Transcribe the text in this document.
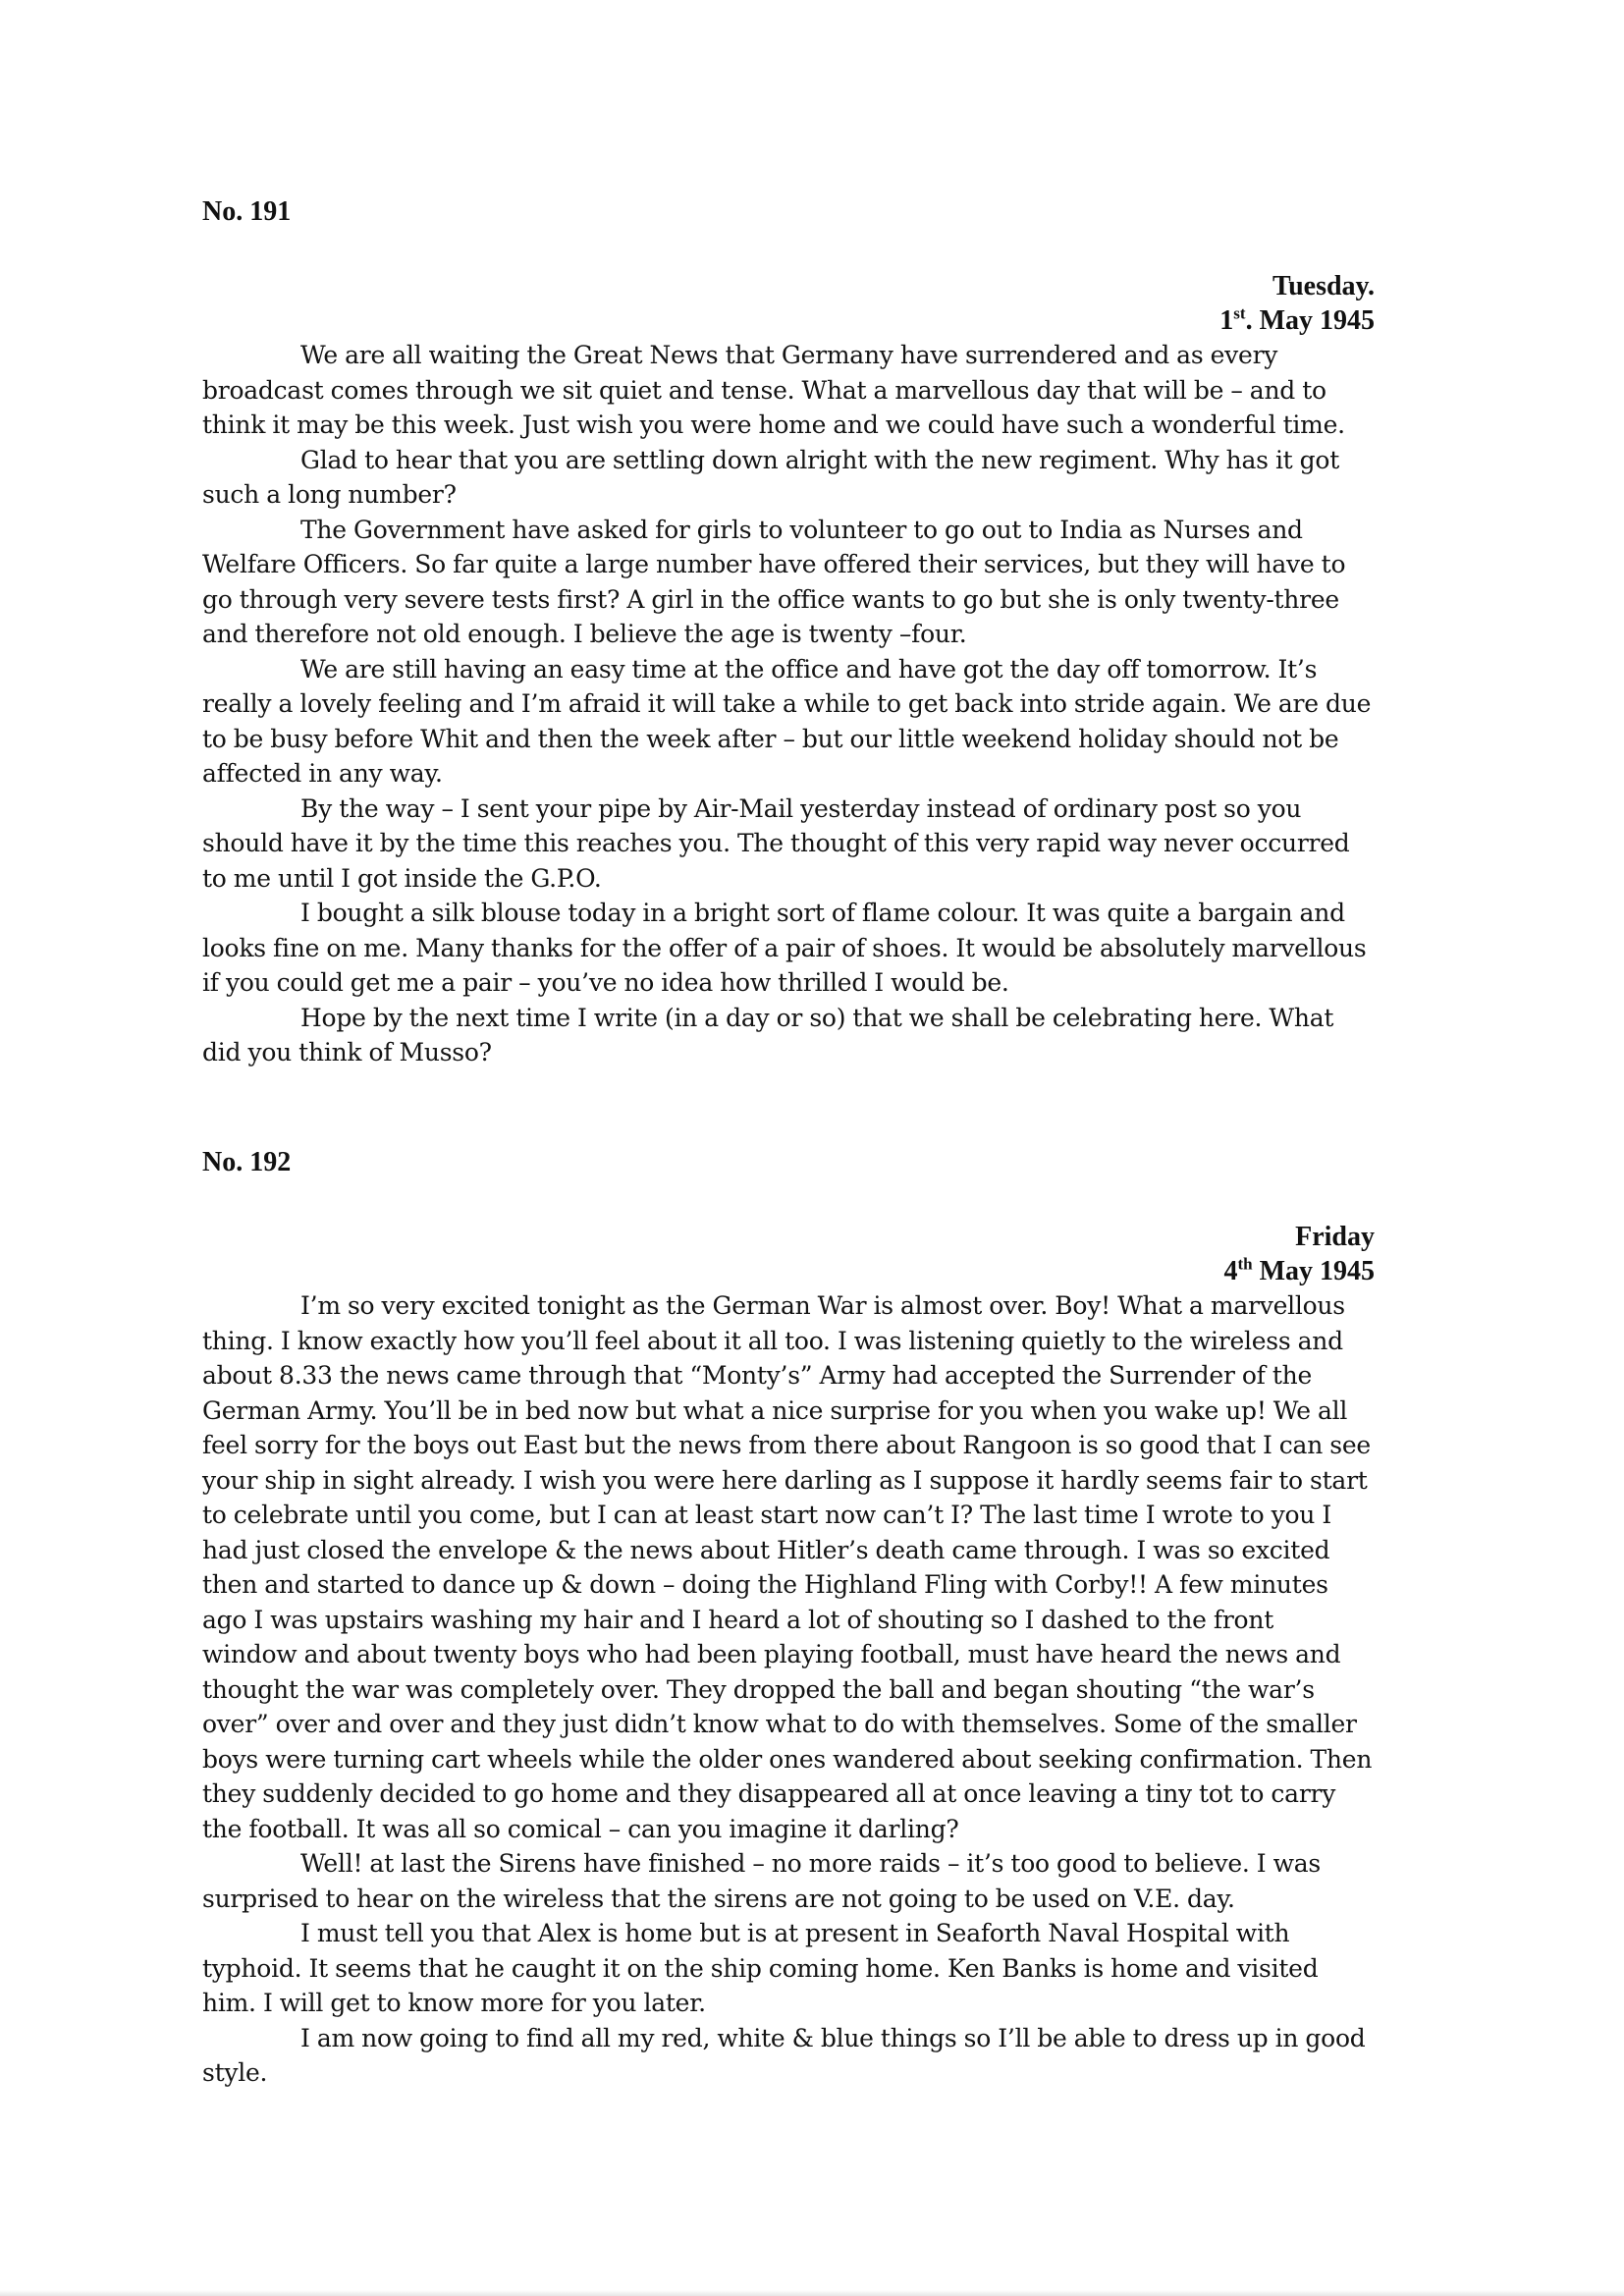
No. 191
Tuesday.
1st. May 1945

We are all waiting the Great News that Germany have surrendered and as every broadcast comes through we sit quiet and tense. What a marvellous day that will be – and to think it may be this week. Just wish you were home and we could have such a wonderful time.

Glad to hear that you are settling down alright with the new regiment. Why has it got such a long number?

The Government have asked for girls to volunteer to go out to India as Nurses and Welfare Officers. So far quite a large number have offered their services, but they will have to go through very severe tests first? A girl in the office wants to go but she is only twenty-three and therefore not old enough. I believe the age is twenty –four.

We are still having an easy time at the office and have got the day off tomorrow. It’s really a lovely feeling and I’m afraid it will take a while to get back into stride again. We are due to be busy before Whit and then the week after – but our little weekend holiday should not be affected in any way.

By the way – I sent your pipe by Air-Mail yesterday instead of ordinary post so you should have it by the time this reaches you. The thought of this very rapid way never occurred to me until I got inside the G.P.O.

I bought a silk blouse today in a bright sort of flame colour. It was quite a bargain and looks fine on me. Many thanks for the offer of a pair of shoes. It would be absolutely marvellous if you could get me a pair – you’ve no idea how thrilled I would be.

Hope by the next time I write (in a day or so) that we shall be celebrating here. What did you think of Musso?

No. 192
Friday
4th May 1945

I’m so very excited tonight as the German War is almost over. Boy! What a marvellous thing. I know exactly how you’ll feel about it all too. I was listening quietly to the wireless and about 8.33 the news came through that “Monty’s” Army had accepted the Surrender of the German Army. You’ll be in bed now but what a nice surprise for you when you wake up! We all feel sorry for the boys out East but the news from there about Rangoon is so good that I can see your ship in sight already. I wish you were here darling as I suppose it hardly seems fair to start to celebrate until you come, but I can at least start now can’t I? The last time I wrote to you I had just closed the envelope & the news about Hitler’s death came through. I was so excited then and started to dance up & down – doing the Highland Fling with Corby!! A few minutes ago I was upstairs washing my hair and I heard a lot of shouting so I dashed to the front window and about twenty boys who had been playing football, must have heard the news and thought the war was completely over. They dropped the ball and began shouting “the war’s over” over and over and they just didn’t know what to do with themselves. Some of the smaller boys were turning cart wheels while the older ones wandered about seeking confirmation. Then they suddenly decided to go home and they disappeared all at once leaving a tiny tot to carry the football. It was all so comical – can you imagine it darling?

Well! at last the Sirens have finished – no more raids – it’s too good to believe. I was surprised to hear on the wireless that the sirens are not going to be used on V.E. day.

I must tell you that Alex is home but is at present in Seaforth Naval Hospital with typhoid. It seems that he caught it on the ship coming home. Ken Banks is home and visited him. I will get to know more for you later.

I am now going to find all my red, white & blue things so I’ll be able to dress up in good style.
